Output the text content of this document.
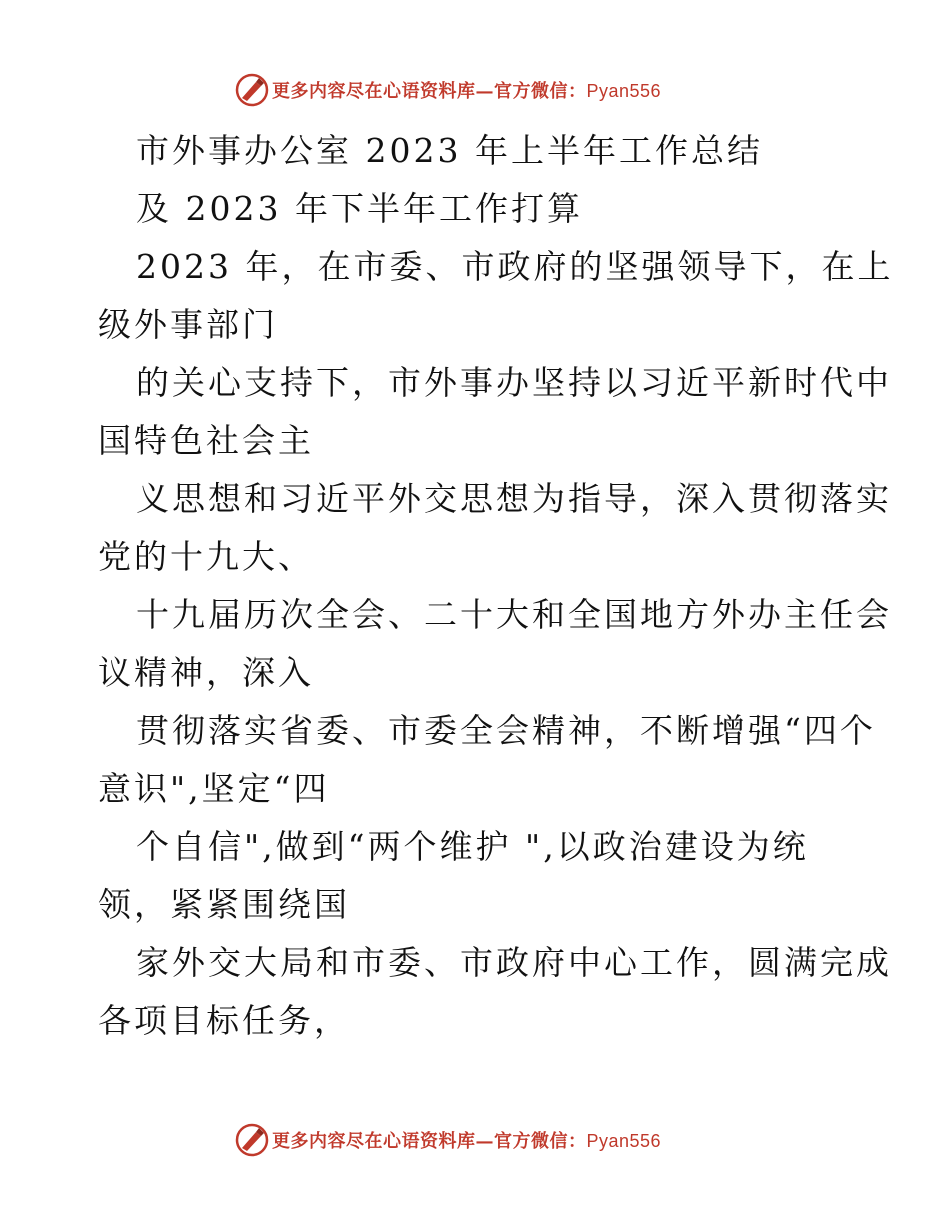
更多内容尽在心语资料库—官方微信：Pyan556
市外事办公室 2023 年上半年工作总结
及 2023 年下半年工作打算
2023 年，在市委、市政府的坚强领导下，在上
级外事部门
的关心支持下，市外事办坚持以习近平新时代中
国特色社会主
义思想和习近平外交思想为指导，深入贯彻落实
党的十九大、
十九届历次全会、二十大和全国地方外办主任会
议精神，深入
贯彻落实省委、市委全会精神，不断增强“四个
意识",坚定“四
个自信",做到“两个维护 ",以政治建设为统
领，紧紧围绕国
家外交大局和市委、市政府中心工作，圆满完成
各项目标任务，
更多内容尽在心语资料库—官方微信：Pyan556
